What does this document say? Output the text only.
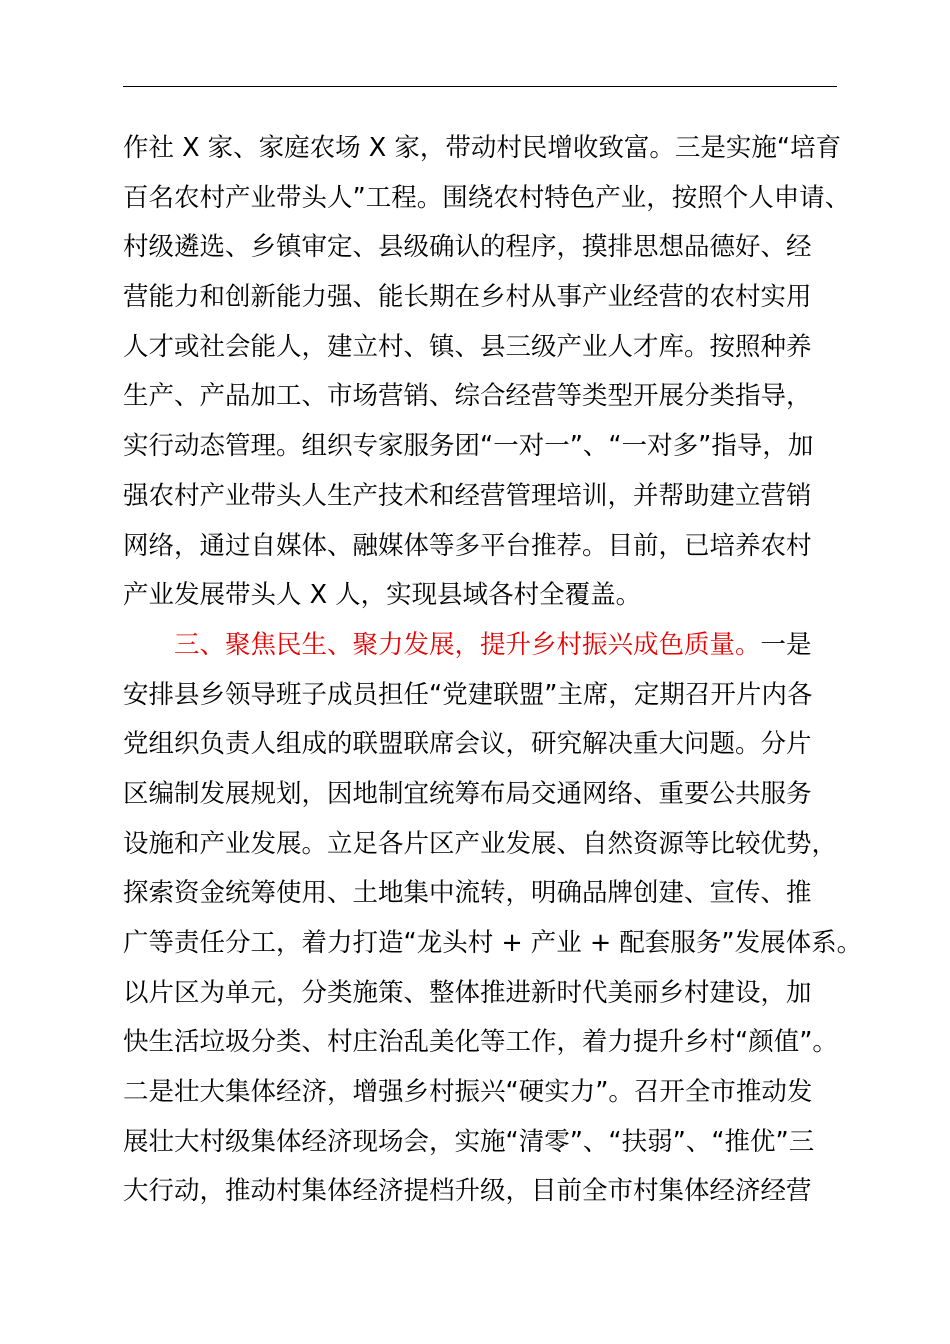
作社 X 家、家庭农场 X 家，带动村民增收致富。三是实施“培育
百名农村产业带头人”工程。围绕农村特色产业，按照个人申请、
村级遴选、乡镇审定、县级确认的程序，摸排思想品德好、经
营能力和创新能力强、能长期在乡村从事产业经营的农村实用
人才或社会能人，建立村、镇、县三级产业人才库。按照种养
生产、产品加工、市场营销、综合经营等类型开展分类指导，
实行动态管理。组织专家服务团“一对一”、“一对多”指导，加
强农村产业带头人生产技术和经营管理培训，并帮助建立营销
网络，通过自媒体、融媒体等多平台推荐。目前，已培养农村
产业发展带头人 X 人，实现县域各村全覆盖。
三、聚焦民生、聚力发展，提升乡村振兴成色质量。一是
安排县乡领导班子成员担任“党建联盟”主席，定期召开片内各
党组织负责人组成的联盟联席会议，研究解决重大问题。分片
区编制发展规划，因地制宜统筹布局交通网络、重要公共服务
设施和产业发展。立足各片区产业发展、自然资源等比较优势，
探索资金统筹使用、土地集中流转，明确品牌创建、宣传、推
广等责任分工，着力打造“龙头村 + 产业 + 配套服务”发展体系。
以片区为单元，分类施策、整体推进新时代美丽乡村建设，加
快生活垃圾分类、村庄治乱美化等工作，着力提升乡村“颜值”。
二是壮大集体经济，增强乡村振兴“硬实力”。召开全市推动发
展壮大村级集体经济现场会，实施“清零”、“扶弱”、“推优”三
大行动，推动村集体经济提档升级，目前全市村集体经济经营
